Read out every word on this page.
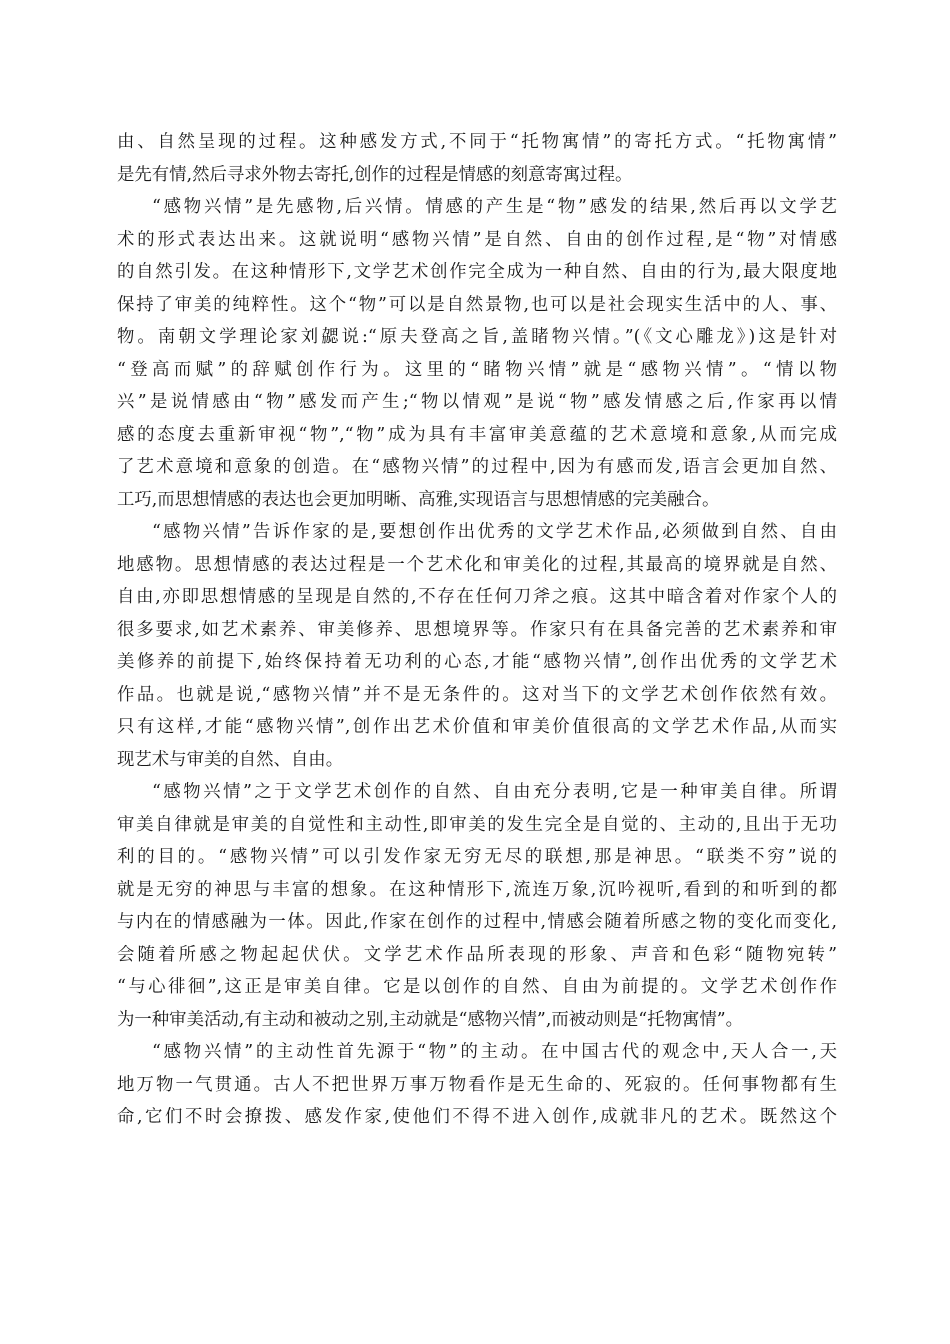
由、自然呈现的过程。这种感发方式,不同于“托物寓情”的寄托方式。“托物寓情”
是先有情,然后寻求外物去寄托,创作的过程是情感的刻意寄寓过程。
“感物兴情”是先感物,后兴情。情感的产生是“物”感发的结果,然后再以文学艺
术的形式表达出来。这就说明“感物兴情”是自然、自由的创作过程,是“物”对情感
的自然引发。在这种情形下,文学艺术创作完全成为一种自然、自由的行为,最大限度地
保持了审美的纯粹性。这个“物”可以是自然景物,也可以是社会现实生活中的人、事、
物。南朝文学理论家刘勰说:“原夫登高之旨,盖睹物兴情。”(《文心雕龙》)这是针对
“登高而赋”的辞赋创作行为。这里的“睹物兴情”就是“感物兴情”。“情以物
兴”是说情感由“物”感发而产生;“物以情观”是说“物”感发情感之后,作家再以情
感的态度去重新审视“物”,“物”成为具有丰富审美意蕴的艺术意境和意象,从而完成
了艺术意境和意象的创造。在“感物兴情”的过程中,因为有感而发,语言会更加自然、
工巧,而思想情感的表达也会更加明晰、高雅,实现语言与思想情感的完美融合。
“感物兴情”告诉作家的是,要想创作出优秀的文学艺术作品,必须做到自然、自由
地感物。思想情感的表达过程是一个艺术化和审美化的过程,其最高的境界就是自然、
自由,亦即思想情感的呈现是自然的,不存在任何刀斧之痕。这其中暗含着对作家个人的
很多要求,如艺术素养、审美修养、思想境界等。作家只有在具备完善的艺术素养和审
美修养的前提下,始终保持着无功利的心态,才能“感物兴情”,创作出优秀的文学艺术
作品。也就是说,“感物兴情”并不是无条件的。这对当下的文学艺术创作依然有效。
只有这样,才能“感物兴情”,创作出艺术价值和审美价值很高的文学艺术作品,从而实
现艺术与审美的自然、自由。
“感物兴情”之于文学艺术创作的自然、自由充分表明,它是一种审美自律。所谓
审美自律就是审美的自觉性和主动性,即审美的发生完全是自觉的、主动的,且出于无功
利的目的。“感物兴情”可以引发作家无穷无尽的联想,那是神思。“联类不穷”说的
就是无穷的神思与丰富的想象。在这种情形下,流连万象,沉吟视听,看到的和听到的都
与内在的情感融为一体。因此,作家在创作的过程中,情感会随着所感之物的变化而变化,
会随着所感之物起起伏伏。文学艺术作品所表现的形象、声音和色彩“随物宛转”
“与心徘徊”,这正是审美自律。它是以创作的自然、自由为前提的。文学艺术创作作
为一种审美活动,有主动和被动之别,主动就是“感物兴情”,而被动则是“托物寓情”。
“感物兴情”的主动性首先源于“物”的主动。在中国古代的观念中,天人合一,天
地万物一气贯通。古人不把世界万事万物看作是无生命的、死寂的。任何事物都有生
命,它们不时会撩拨、感发作家,使他们不得不进入创作,成就非凡的艺术。既然这个
